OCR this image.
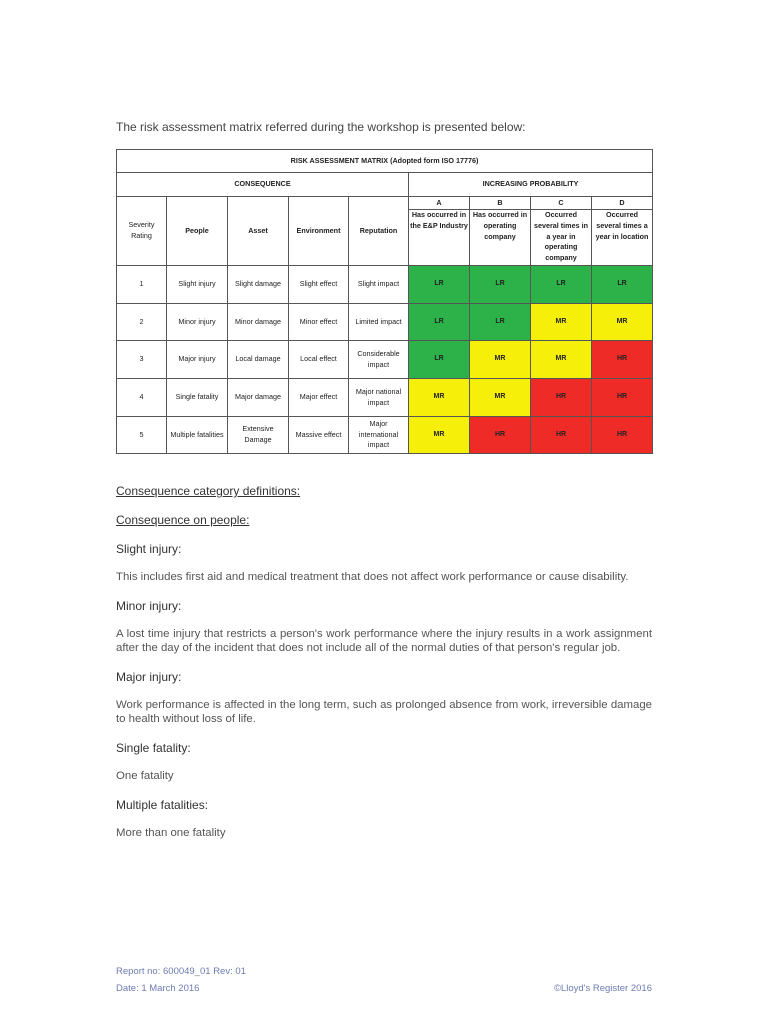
The risk assessment matrix referred during the workshop is presented below:
RISK ASSESSMENT MATRIX (Adopted form ISO 17776)								
CONSEQUENCE					INCREASING PROBABILITY			
Severity Rating	People	Asset	Environment	Reputation	A	B	C	D
					Has occurred in the E&P Industry	Has occurred in operating company	Occurred several times in a year in operating company	Occurred several times a year in location
1	Slight injury	Slight damage	Slight effect	Slight impact	LR	LR	LR	LR
2	Minor injury	Minor damage	Minor effect	Limited impact	LR	LR	MR	MR
3	Major injury	Local damage	Local effect	Considerable impact	LR	MR	MR	HR
4	Single fatality	Major damage	Major effect	Major national impact	MR	MR	HR	HR
5	Multiple fatalities	Extensive Damage	Massive effect	Major international impact	MR	HR	HR	HR
Consequence category definitions:
Consequence on people:
Slight injury:
This includes first aid and medical treatment that does not affect work performance or cause disability.
Minor injury:
A lost time injury that restricts a person's work performance where the injury results in a work assignment after the day of the incident that does not include all of the normal duties of that person's regular job.
Major injury:
Work performance is affected in the long term, such as prolonged absence from work, irreversible damage to health without loss of life.
Single fatality:
One fatality
Multiple fatalities:
More than one fatality
Report no: 600049_01 Rev: 01
Date: 1 March 2016	©Lloyd's Register 2016
